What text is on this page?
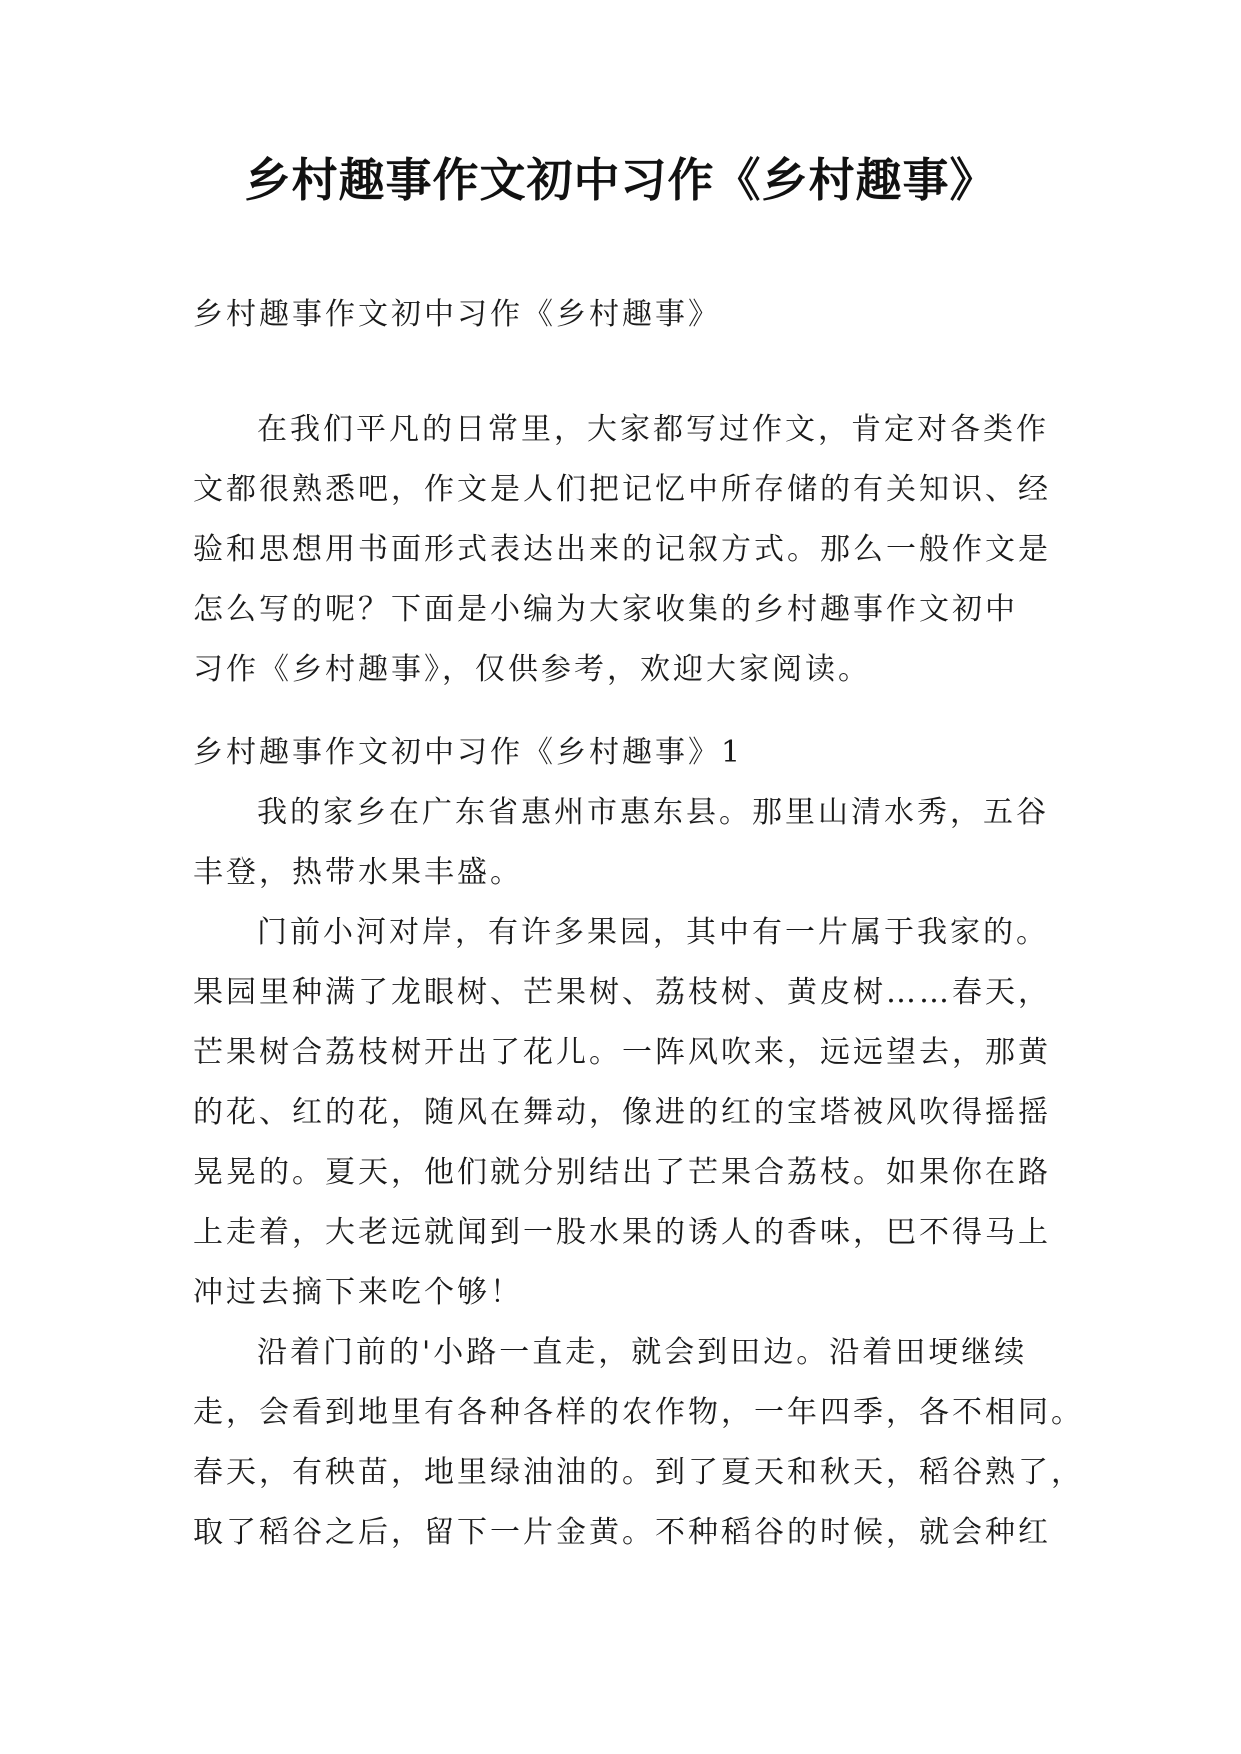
乡村趣事作文初中习作《乡村趣事》
乡村趣事作文初中习作《乡村趣事》
在我们平凡的日常里，大家都写过作文，肯定对各类作
文都很熟悉吧，作文是人们把记忆中所存储的有关知识、经
验和思想用书面形式表达出来的记叙方式。那么一般作文是
怎么写的呢？下面是小编为大家收集的乡村趣事作文初中
习作《乡村趣事》，仅供参考，欢迎大家阅读。
乡村趣事作文初中习作《乡村趣事》1
我的家乡在广东省惠州市惠东县。那里山清水秀，五谷
丰登，热带水果丰盛。
门前小河对岸，有许多果园，其中有一片属于我家的。
果园里种满了龙眼树、芒果树、荔枝树、黄皮树……春天，
芒果树合荔枝树开出了花儿。一阵风吹来，远远望去，那黄
的花、红的花，随风在舞动，像进的红的宝塔被风吹得摇摇
晃晃的。夏天，他们就分别结出了芒果合荔枝。如果你在路
上走着，大老远就闻到一股水果的诱人的香味，巴不得马上
冲过去摘下来吃个够！
沿着门前的'小路一直走，就会到田边。沿着田埂继续
走，会看到地里有各种各样的农作物，一年四季，各不相同。
春天，有秧苗，地里绿油油的。到了夏天和秋天，稻谷熟了，
取了稻谷之后，留下一片金黄。不种稻谷的时候，就会种红
